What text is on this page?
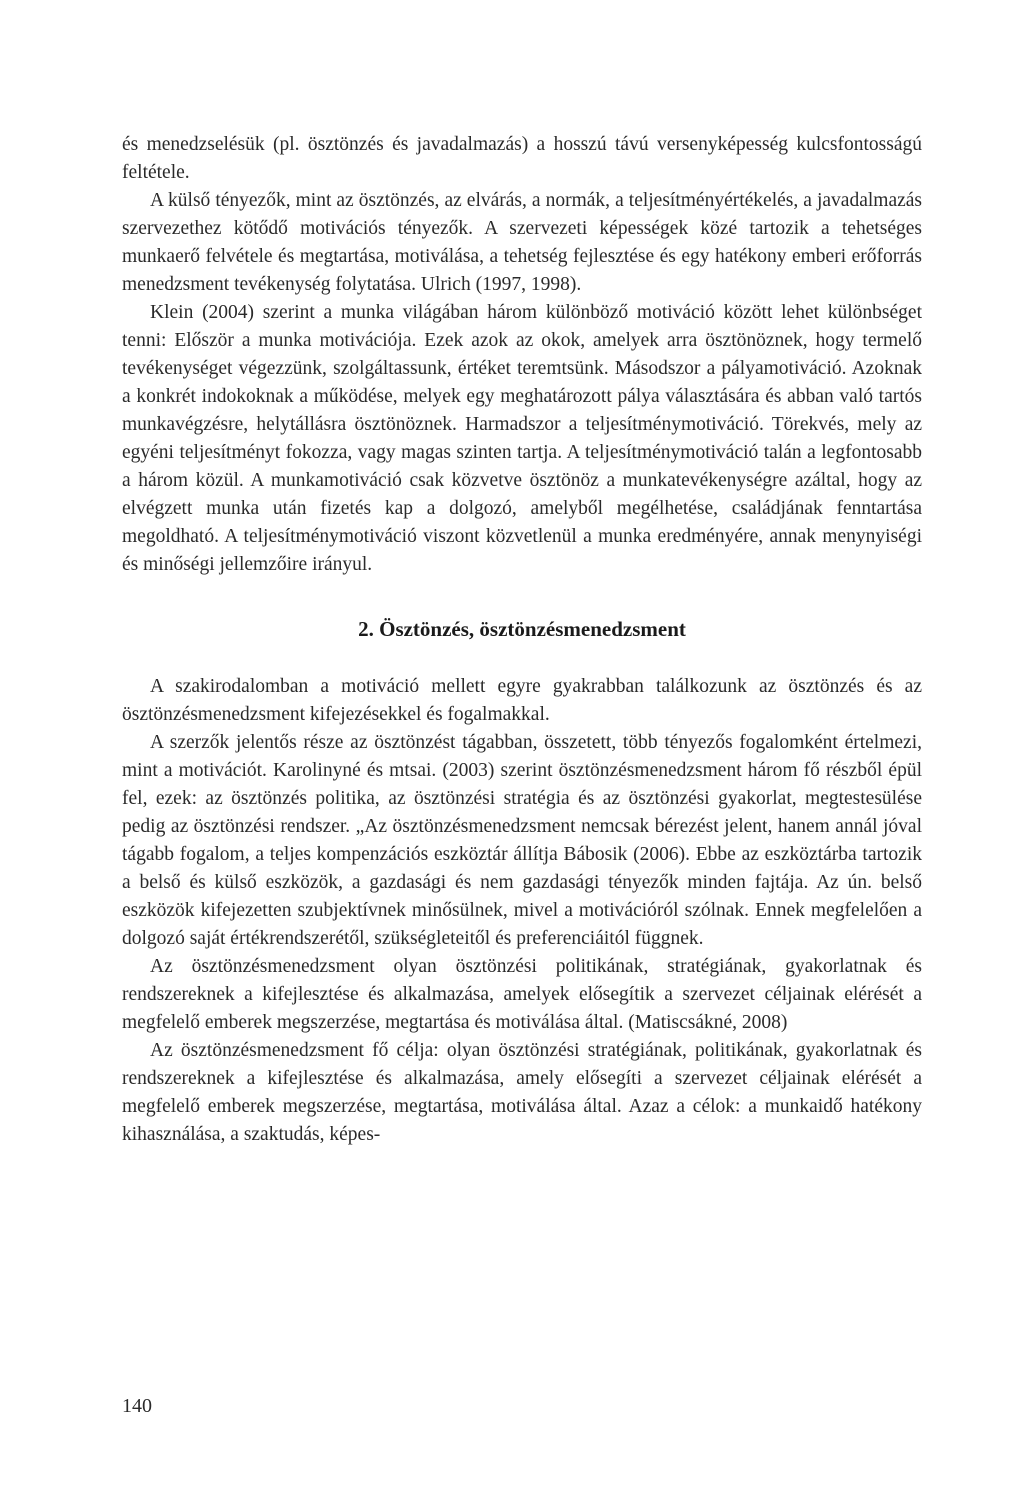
és menedzselésük (pl. ösztönzés és javadalmazás) a hosszú távú versenyképesség kulcsfontosságú feltétele.

A külső tényezők, mint az ösztönzés, az elvárás, a normák, a teljesítményértékelés, a javadalmazás szervezethez kötődő motivációs tényezők. A szervezeti képességek közé tartozik a tehetséges munkaerő felvétele és megtartása, motiválása, a tehetség fejlesztése és egy hatékony emberi erőforrás menedzsment tevékenység folytatása. Ulrich (1997, 1998).

Klein (2004) szerint a munka világában három különböző motiváció között lehet különbséget tenni: Először a munka motivációja. Ezek azok az okok, amelyek arra ösztönöznek, hogy termelő tevékenységet végezzünk, szolgáltassunk, értéket teremtsünk. Másodszor a pályamotiváció. Azoknak a konkrét indokoknak a működése, melyek egy meghatározott pálya választására és abban való tartós munkavégzésre, helytállásra ösztönöznek. Harmadszor a teljesítménymotiváció. Törekvés, mely az egyéni teljesítményt fokozza, vagy magas szinten tartja. A teljesítménymotiváció talán a legfontosabb a három közül. A munkamotiváció csak közvetve ösztönöz a munkatevékenységre azáltal, hogy az elvégzett munka után fizetés kap a dolgozó, amelyből megélhetése, családjának fenntartása megoldható. A teljesítménymotiváció viszont közvetlenül a munka eredményére, annak menynyiségi és minőségi jellemzőire irányul.

2. Ösztönzés, ösztönzésmenedzsment

A szakirodalomban a motiváció mellett egyre gyakrabban találkozunk az ösztönzés és az ösztönzésmenedzsment kifejezésekkel és fogalmakkal.

A szerzők jelentős része az ösztönzést tágabban, összetett, több tényezős fogalomként értelmezi, mint a motivációt. Karolinyné és mtsai. (2003) szerint ösztönzésmenedzsment három fő részből épül fel, ezek: az ösztönzés politika, az ösztönzési stratégia és az ösztönzési gyakorlat, megtestesülése pedig az ösztönzési rendszer. „Az ösztönzésmenedzsment nemcsak bérezést jelent, hanem annál jóval tágabb fogalom, a teljes kompenzációs eszköztár állítja Bábosik (2006). Ebbe az eszköztárba tartozik a belső és külső eszközök, a gazdasági és nem gazdasági tényezők minden fajtája. Az ún. belső eszközök kifejezetten szubjektívnek minősülnek, mivel a motivációról szólnak. Ennek megfelelően a dolgozó saját értékrendszerétől, szükségleteitől és preferenciáitól függnek.

Az ösztönzésmenedzsment olyan ösztönzési politikának, stratégiának, gyakorlatnak és rendszereknek a kifejlesztése és alkalmazása, amelyek elősegítik a szervezet céljainak elérését a megfelelő emberek megszerzése, megtartása és motiválása által. (Matiscsákné, 2008)

Az ösztönzésmenedzsment fő célja: olyan ösztönzési stratégiának, politikának, gyakorlatnak és rendszereknek a kifejlesztése és alkalmazása, amely elősegíti a szervezet céljainak elérését a megfelelő emberek megszerzése, megtartása, motiválása által. Azaz a célok: a munkaidő hatékony kihasználása, a szaktudás, képes-

140
